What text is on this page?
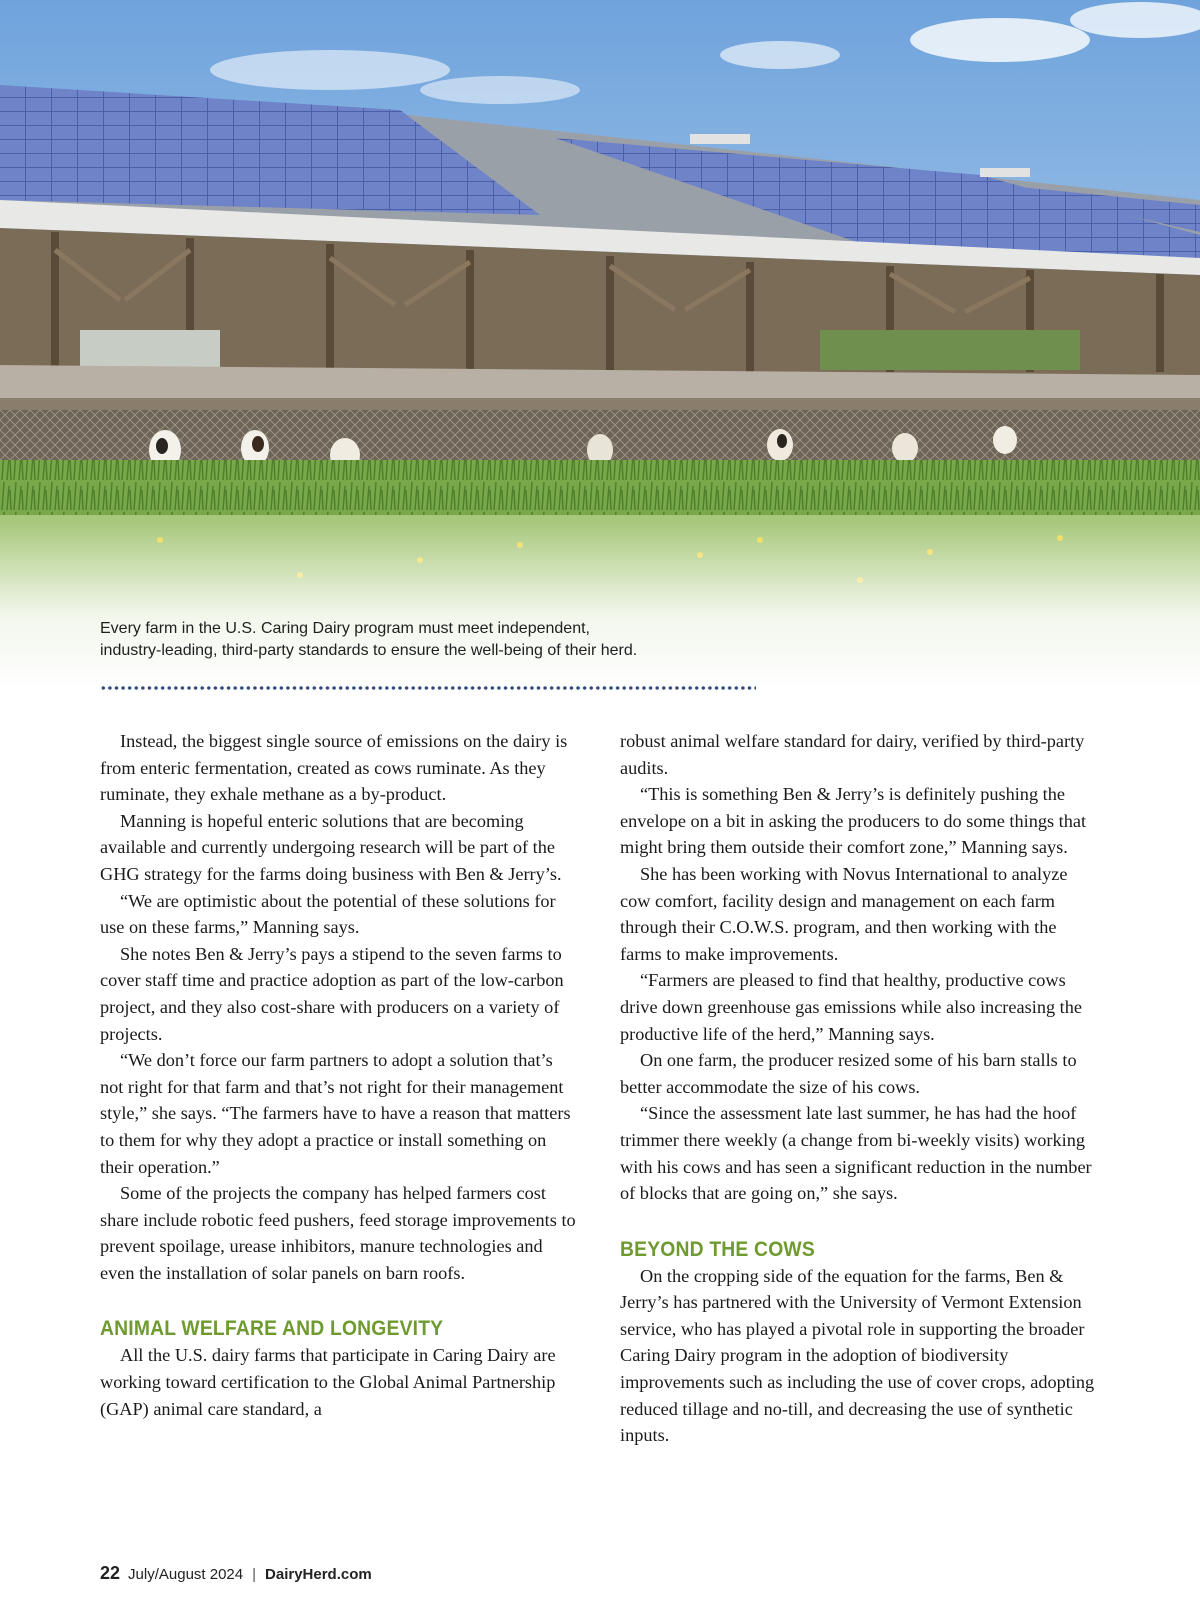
Every farm in the U.S. Caring Dairy program must meet independent,

industry-leading, third-party standards to ensure the well-being of their herd.

Instead, the biggest single source of emissions on the dairy is from enteric fermentation, created as cows ruminate. As they ruminate, they exhale methane as a by-product.

Manning is hopeful enteric solutions that are becoming available and currently undergoing research will be part of the GHG strategy for the farms doing business with Ben & Jerry’s.

“We are optimistic about the potential of these solutions for use on these farms,” Manning says.

She notes Ben & Jerry’s pays a stipend to the seven farms to cover staff time and practice adoption as part of the low-carbon project, and they also cost-share with producers on a variety of projects.

“We don’t force our farm partners to adopt a solution that’s not right for that farm and that’s not right for their management style,” she says. “The farmers have to have a reason that matters to them for why they adopt a practice or install something on their operation.”

Some of the projects the company has helped farmers cost share include robotic feed pushers, feed storage improvements to prevent spoilage, urease inhibitors, manure technologies and even the installation of solar panels on barn roofs.

ANIMAL WELFARE AND LONGEVITY

All the U.S. dairy farms that participate in Caring Dairy are working toward certification to the Global Animal Partnership (GAP) animal care standard, a

robust animal welfare standard for dairy, verified by third-party audits.

“This is something Ben & Jerry’s is definitely pushing the envelope on a bit in asking the producers to do some things that might bring them outside their comfort zone,” Manning says.

She has been working with Novus International to analyze cow comfort, facility design and management on each farm through their C.O.W.S. program, and then working with the farms to make improvements.

“Farmers are pleased to find that healthy, productive cows drive down greenhouse gas emissions while also increasing the productive life of the herd,” Manning says.

On one farm, the producer resized some of his barn stalls to better accommodate the size of his cows.

“Since the assessment late last summer, he has had the hoof trimmer there weekly (a change from bi-weekly visits) working with his cows and has seen a significant reduction in the number of blocks that are going on,” she says.

BEYOND THE COWS

On the cropping side of the equation for the farms, Ben & Jerry’s has partnered with the University of Vermont Extension service, who has played a pivotal role in supporting the broader Caring Dairy program in the adoption of biodiversity improvements such as including the use of cover crops, adopting reduced tillage and no-till, and decreasing the use of synthetic inputs.

22 July/August 2024 | DairyHerd.com
